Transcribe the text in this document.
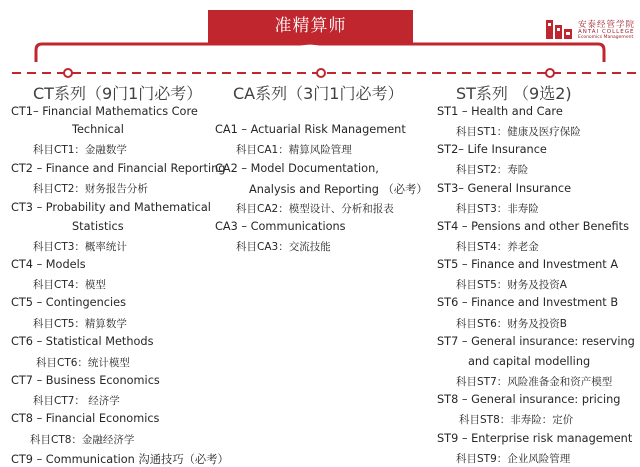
准精算师	安泰经管学院
ANTAI COLLEGE
Economics Management
CT系列（9门1门必考）
CT1– Financial Mathematics Core
Technical
科目CT1：金融数学
CT2 – Finance and Financial Reporting
科目CT2：财务报告分析
CT3 – Probability and Mathematical
Statistics
科目CT3：概率统计
CT4 – Models
科目CT4：模型
CT5 – Contingencies
科目CT5：精算数学
CT6 – Statistical Methods
科目CT6：统计模型
CT7 – Business Economics
科目CT7： 经济学
CT8 – Financial Economics
科目CT8：金融经济学
CT9 – Communication 沟通技巧（必考）
CA系列（3门1门必考）
CA1 – Actuarial Risk Management
科目CA1：精算风险管理
CA2 – Model Documentation,
Analysis and Reporting （必考）
科目CA2：模型设计、分析和报表
CA3 – Communications
科目CA3：交流技能
ST系列 （9选2)
ST1 – Health and Care
科目ST1：健康及医疗保险
ST2– Life Insurance
科目ST2：寿险
ST3– General Insurance
科目ST3：非寿险
ST4 – Pensions and other Benefits
科目ST4：养老金
ST5 – Finance and Investment A
科目ST5：财务及投资A
ST6 – Finance and Investment B
科目ST6：财务及投资B
ST7 – General insurance: reserving
and capital modelling
科目ST7：风险准备金和资产模型
ST8 – General insurance: pricing
科目ST8：非寿险：定价
ST9 – Enterprise risk management
科目ST9：企业风险管理
